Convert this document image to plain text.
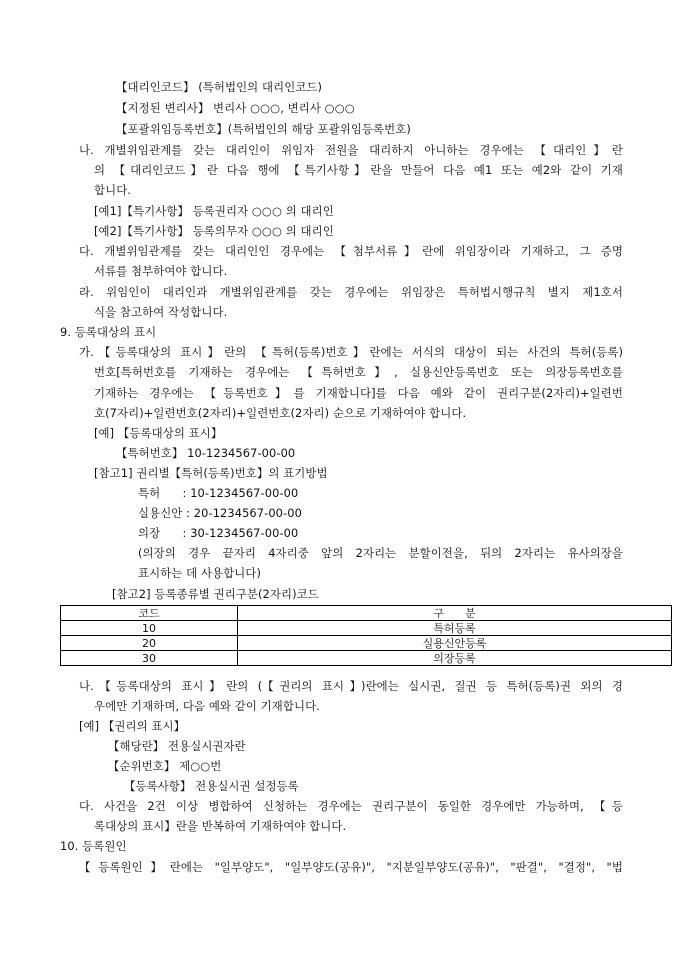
【대리인코드】 (특허법인의 대리인코드)
【지정된 변리사】 변리사 ○○○, 변리사 ○○○
【포괄위임등록번호】(특허법인의 해당 포괄위임등록번호)
나. 개별위임관계를 갖는 대리인이 위임자 전원을 대리하지 아니하는 경우에는 【대리인】란
의 【대리인코드】란 다음 행에 【특기사항】란을 만들어 다음 예1 또는 예2와 같이 기재
합니다.
[예1]【특기사항】 등록권리자 ○○○ 의 대리인
[예2]【특기사항】 등록의무자 ○○○ 의 대리인
다. 개별위임관계를 갖는 대리인인 경우에는 【첨부서류】란에 위임장이라 기재하고, 그 증명
서류를 첨부하여야 합니다.
라. 위임인이 대리인과 개별위임관계를 갖는 경우에는 위임장은 특허법시행규칙 별지 제1호서
식을 참고하여 작성합니다.
9. 등록대상의 표시
가.【등록대상의 표시】란의 【특허(등록)번호】란에는 서식의 대상이 되는 사건의 특허(등록)
번호[특허번호를 기재하는 경우에는 【특허번호】, 실용신안등록번호 또는 의장등록번호를
기재하는 경우에는 【등록번호】를 기재합니다]를 다음 예와 같이 권리구분(2자리)+일련번
호(7자리)+일련번호(2자리)+일련번호(2자리) 순으로 기재하여야 합니다.
[예] 【등록대상의 표시】
【특허번호】 10-1234567-00-00
[참고1] 권리별【특허(등록)번호】의 표기방법
특허      : 10-1234567-00-00
실용신안 : 20-1234567-00-00
의장      : 30-1234567-00-00
(의장의 경우 끝자리 4자리중 앞의 2자리는 분할이전을, 뒤의 2자리는 유사의장을
표시하는 데 사용합니다)
[참고2] 등록종류별 권리구분(2자리)코드
코드	구      분
10	특허등록
20	실용신안등록
30	의장등록
나.【등록대상의 표시】란의 (【권리의 표시】)란에는 실시권, 질권 등 특허(등록)권 외의 경
우에만 기재하며, 다음 예와 같이 기재합니다.
[예] 【권리의 표시】
【해당란】 전용실시권자란
【순위번호】 제○○번
【등록사항】 전용실시권 설정등록
다. 사건을 2건 이상 병합하여 신청하는 경우에는 권리구분이 동일한 경우에만 가능하며, 【등
록대상의 표시】란을 반복하여 기재하여야 합니다.
10. 등록원인
【등록원인】란에는 "일부양도", "일부양도(공유)", "지분일부양도(공유)", "판결", "결정", "법
